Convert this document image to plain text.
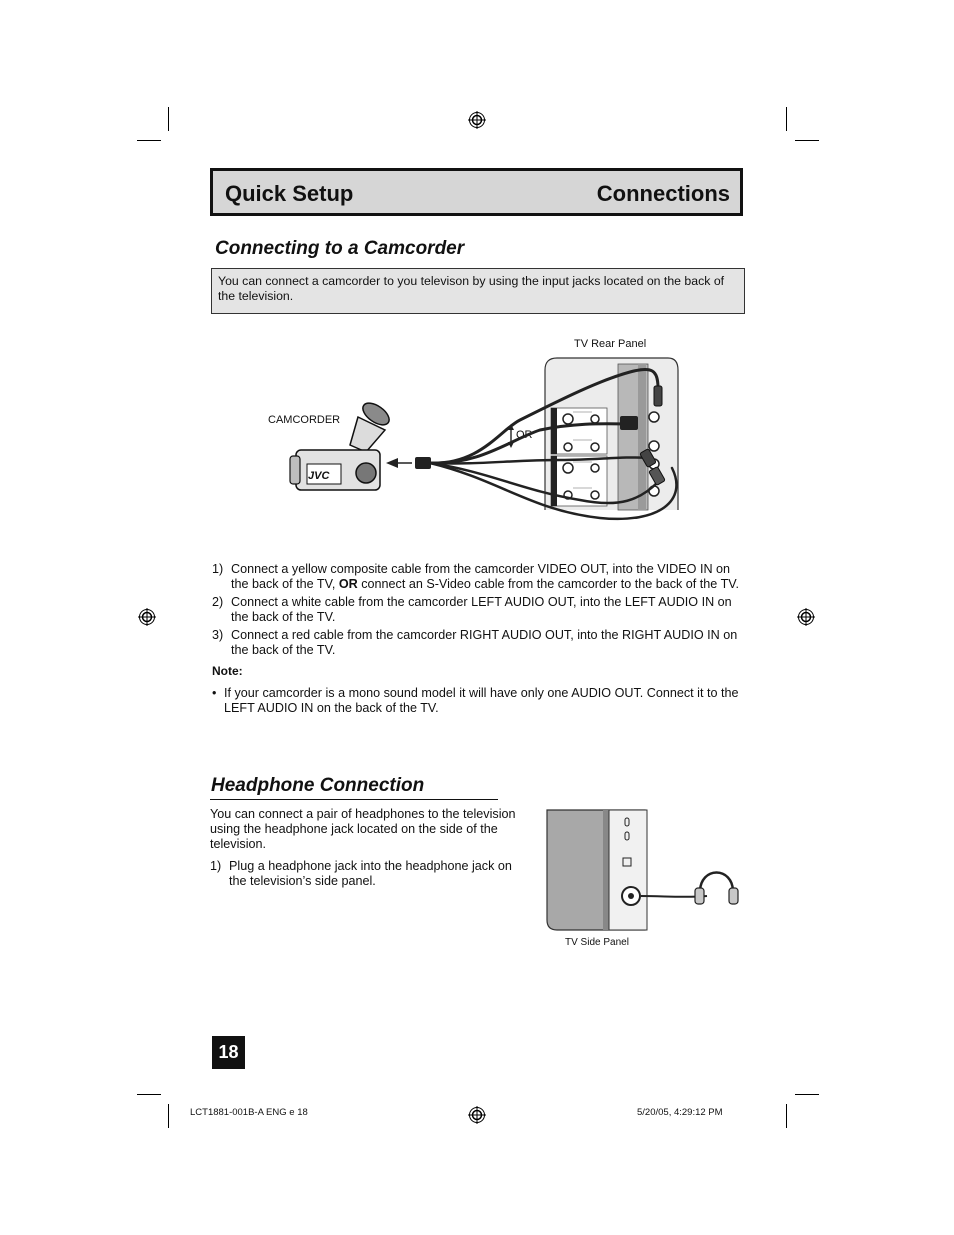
Quick Setup	Connections
Connecting to a Camcorder
You can connect a camcorder to you televison by using the input jacks located on the back of the television.
TV Rear Panel
CAMCORDER
OR
JVC
1) Connect a yellow composite cable from the camcorder VIDEO OUT, into the VIDEO IN on
the back of the TV, OR connect an S-Video cable from the camcorder to the back of the TV.
2) Connect a white cable from the camcorder LEFT AUDIO OUT, into the LEFT AUDIO IN on
the back of the TV.
3) Connect a red cable from the camcorder RIGHT AUDIO OUT, into the RIGHT AUDIO IN on
the back of the TV.
Note:
• If your camcorder is a mono sound model it will have only one AUDIO OUT. Connect it to the
LEFT AUDIO IN on the back of the TV.
Headphone Connection
You can connect a pair of headphones to the television
using the headphone jack located on the side of the
television.
1) Plug a headphone jack into the headphone jack on
the television’s side panel.
TV Side Panel
18
LCT1881-001B-A ENG e 18	5/20/05, 4:29:12 PM
